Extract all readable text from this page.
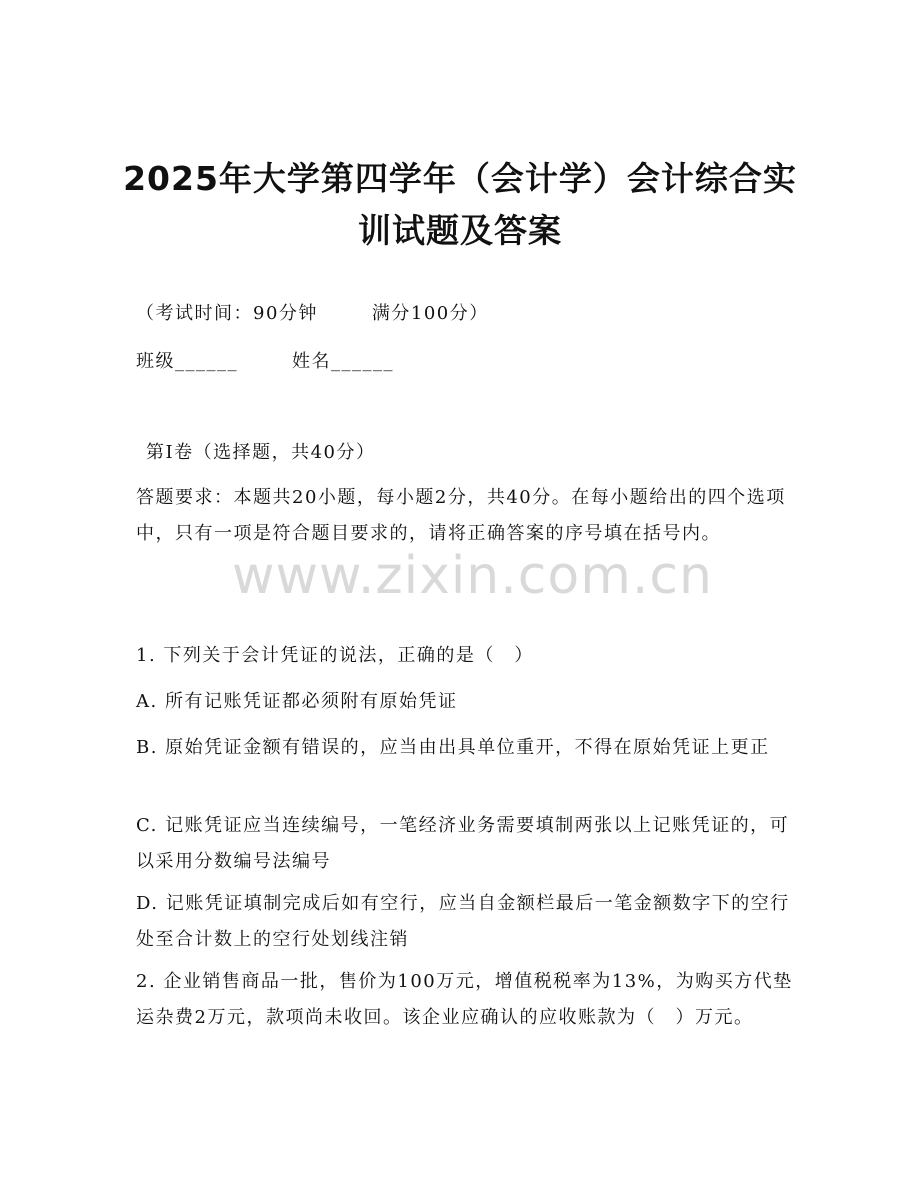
2025年大学第四学年（会计学）会计综合实
训试题及答案
（考试时间：90分钟	满分100分）
班级______	姓名______
第Ⅰ卷（选择题，共40分）
答题要求：本题共20小题，每小题2分，共40分。在每小题给出的四个选项中，只有一项是符合题目要求的，请将正确答案的序号填在括号内。
www.zixin.com.cn
1. 下列关于会计凭证的说法，正确的是（　）
A. 所有记账凭证都必须附有原始凭证
B. 原始凭证金额有错误的，应当由出具单位重开，不得在原始凭证上更正
C. 记账凭证应当连续编号，一笔经济业务需要填制两张以上记账凭证的，可以采用分数编号法编号
D. 记账凭证填制完成后如有空行，应当自金额栏最后一笔金额数字下的空行处至合计数上的空行处划线注销
2. 企业销售商品一批，售价为100万元，增值税税率为13%，为购买方代垫运杂费2万元，款项尚未收回。该企业应确认的应收账款为（　）万元。
